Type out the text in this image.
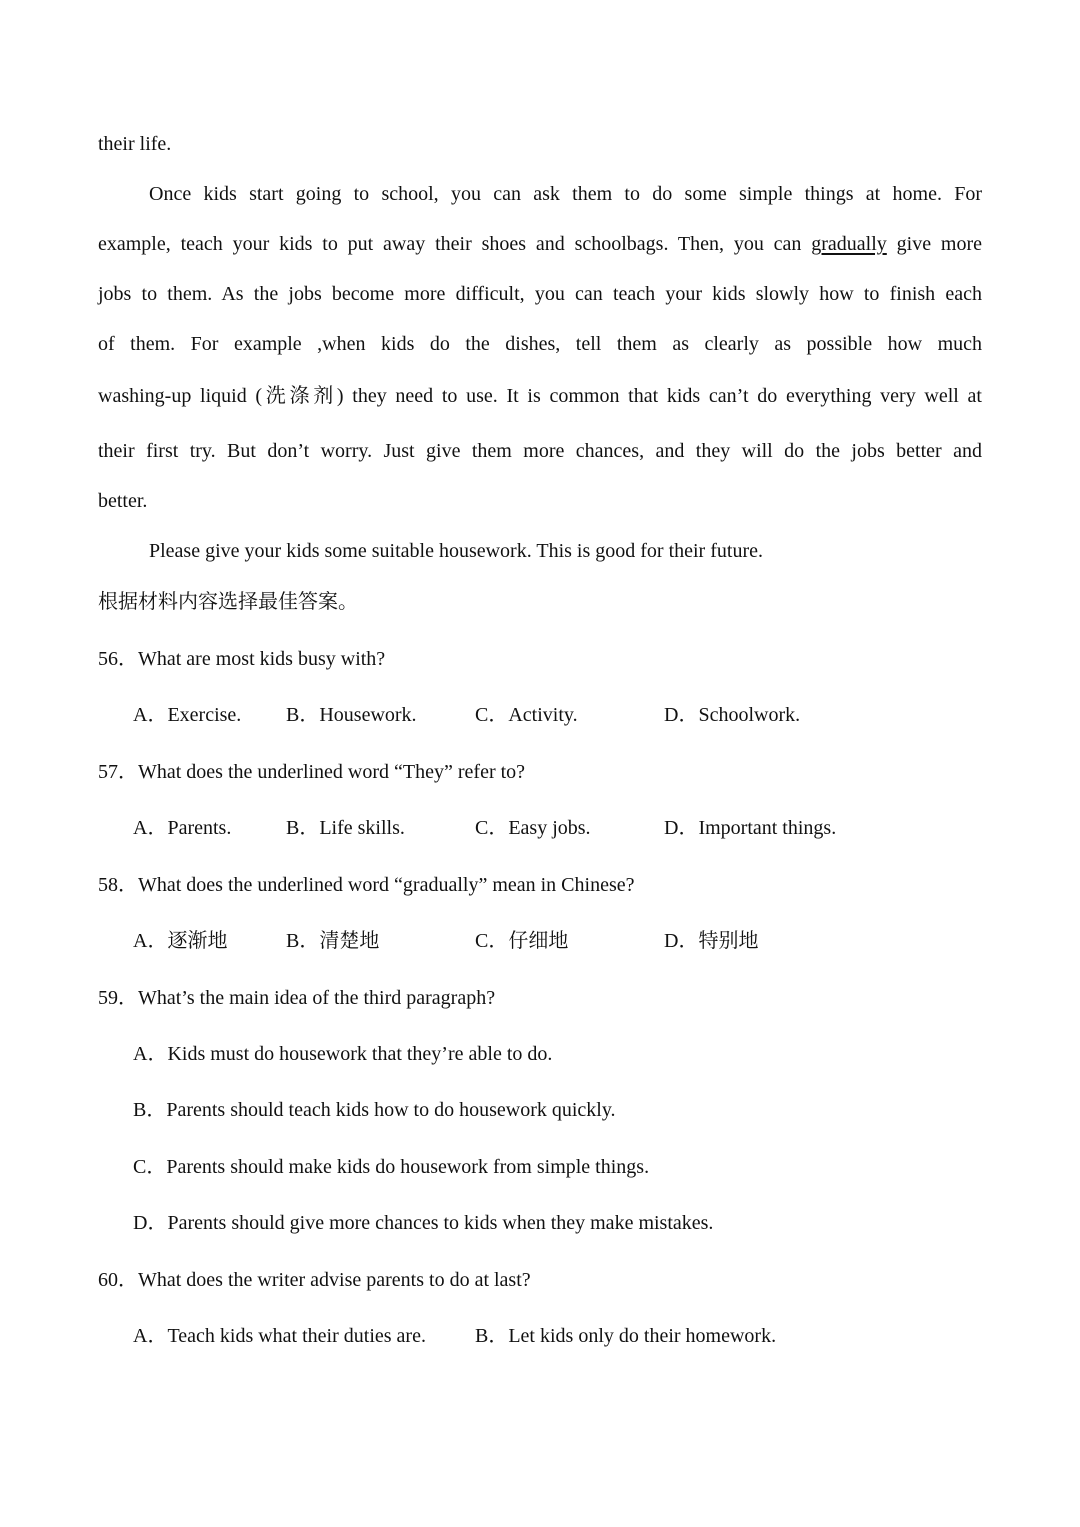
their life.
Once kids start going to school, you can ask them to do some simple things at home. For
example, teach your kids to put away their shoes and schoolbags. Then, you can gradually give more
jobs to them. As the jobs become more difficult, you can teach your kids slowly how to finish each
of them. For example ,when kids do the dishes, tell them as clearly as possible how much
washing-up liquid (洗涤剂) they need to use. It is common that kids can’t do everything very well at
their first try. But don’t worry. Just give them more chances, and they will do the jobs better and
better.
Please give your kids some suitable housework. This is good for their future.
根据材料内容选择最佳答案。
56．What are most kids busy with?
A．Exercise. B．Housework.	C．Activity.	D．Schoolwork.
57．What does the underlined word “They” refer to?
A．Parents.	B．Life skills.	C．Easy jobs.	D．Important things.
58．What does the underlined word “gradually” mean in Chinese?
A．逐渐地	B．清楚地	C．仔细地	D．特别地
59．What’s the main idea of the third paragraph?
A．Kids must do housework that they’re able to do.
B．Parents should teach kids how to do housework quickly.
C．Parents should make kids do housework from simple things.
D．Parents should give more chances to kids when they make mistakes.
60．What does the writer advise parents to do at last?
A．Teach kids what their duties are. B．Let kids only do their homework.
